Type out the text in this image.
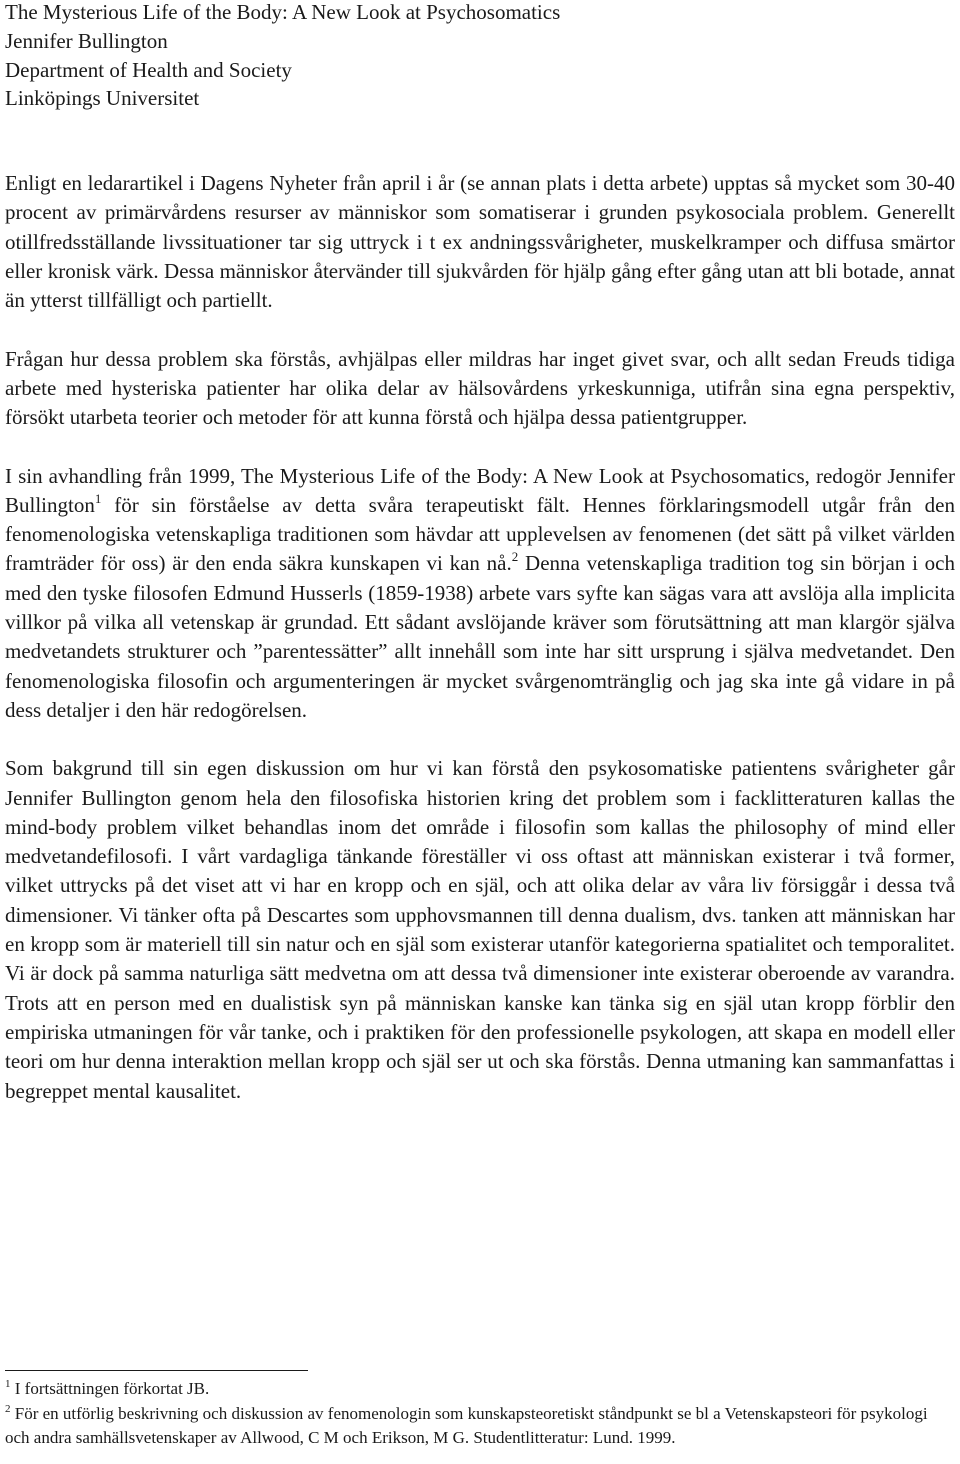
The Mysterious Life of the Body: A New Look at Psychosomatics
Jennifer Bullington
Department of Health and Society
Linköpings Universitet

Enligt en ledarartikel i Dagens Nyheter från april i år (se annan plats i detta arbete) upptas så mycket som 30-40 procent av primärvårdens resurser av människor som somatiserar i grunden psykosociala problem. Generellt otillfredsställande livssituationer tar sig uttryck i t ex andningssvårigheter, muskelkramper och diffusa smärtor eller kronisk värk. Dessa människor återvänder till sjukvården för hjälp gång efter gång utan att bli botade, annat än ytterst tillfälligt och partiellt.

Frågan hur dessa problem ska förstås, avhjälpas eller mildras har inget givet svar, och allt sedan Freuds tidiga arbete med hysteriska patienter har olika delar av hälsovårdens yrkeskunniga, utifrån sina egna perspektiv, försökt utarbeta teorier och metoder för att kunna förstå och hjälpa dessa patientgrupper.

I sin avhandling från 1999, The Mysterious Life of the Body: A New Look at Psychosomatics, redogör Jennifer Bullington$^1$ för sin förståelse av detta svåra terapeutiskt fält. Hennes förklaringsmodell utgår från den fenomenologiska vetenskapliga traditionen som hävdar att upplevelsen av fenomenen (det sätt på vilket världen framträder för oss) är den enda säkra kunskapen vi kan nå.$^2$ Denna vetenskapliga tradition tog sin början i och med den tyske filosofen Edmund Husserls (1859-1938) arbete vars syfte kan sägas vara att avslöja alla implicita villkor på vilka all vetenskap är grundad. Ett sådant avslöjande kräver som förutsättning att man klargör själva medvetandets strukturer och ”parentessätter” allt innehåll som inte har sitt ursprung i själva medvetandet. Den fenomenologiska filosofin och argumenteringen är mycket svårgenomtränglig och jag ska inte gå vidare in på dess detaljer i den här redogörelsen.

Som bakgrund till sin egen diskussion om hur vi kan förstå den psykosomatiske patientens svårigheter går Jennifer Bullington genom hela den filosofiska historien kring det problem som i facklitteraturen kallas the mind-body problem vilket behandlas inom det område i filosofin som kallas the philosophy of mind eller medvetandefilosofi. I vårt vardagliga tänkande föreställer vi oss oftast att människan existerar i två former, vilket uttrycks på det viset att vi har en kropp och en själ, och att olika delar av våra liv försiggår i dessa två dimensioner. Vi tänker ofta på Descartes som upphovsmannen till denna dualism, dvs. tanken att människan har en kropp som är materiell till sin natur och en själ som existerar utanför kategorierna spatialitet och temporalitet. Vi är dock på samma naturliga sätt medvetna om att dessa två dimensioner inte existerar oberoende av varandra. Trots att en person med en dualistisk syn på människan kanske kan tänka sig en själ utan kropp förblir den empiriska utmaningen för vår tanke, och i praktiken för den professionelle psykologen, att skapa en modell eller teori om hur denna interaktion mellan kropp och själ ser ut och ska förstås. Denna utmaning kan sammanfattas i begreppet mental kausalitet.

$^1$ I fortsättningen förkortat JB.

$^2$ För en utförlig beskrivning och diskussion av fenomenologin som kunskapsteoretiskt ståndpunkt se bl a Vetenskapsteori för psykologi och andra samhällsvetenskaper av Allwood, C M och Erikson, M G. Studentlitteratur: Lund. 1999.
